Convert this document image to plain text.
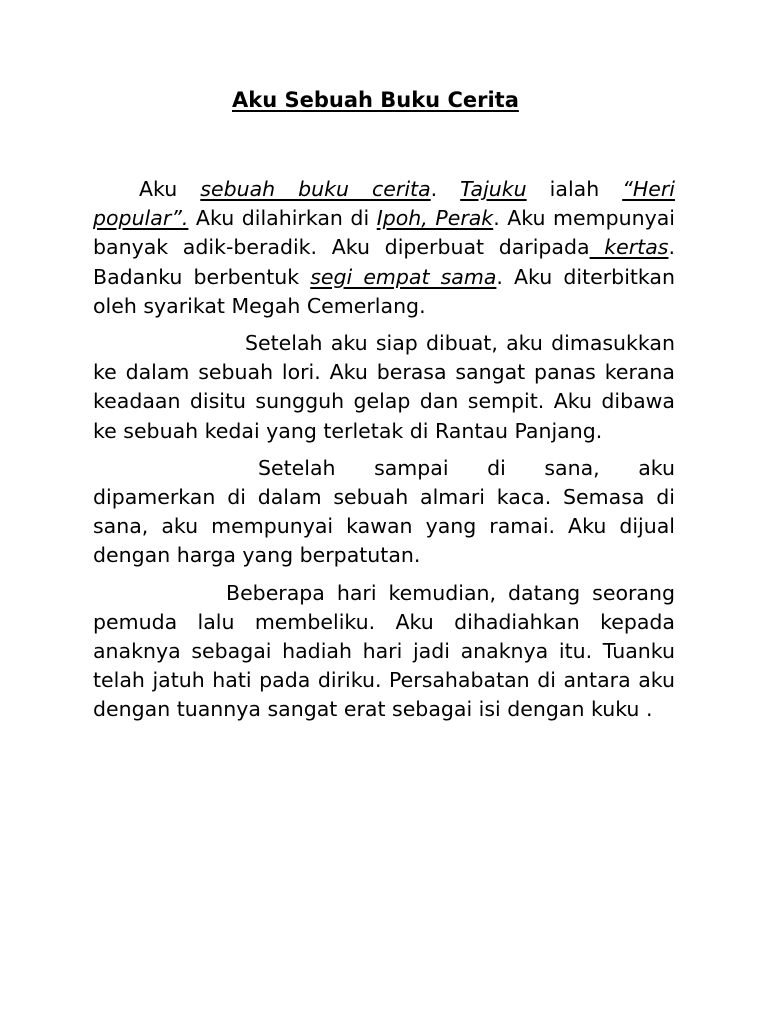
Aku Sebuah Buku Cerita

Aku sebuah buku cerita. Tajuku ialah “Heri popular”. Aku dilahirkan di Ipoh, Perak. Aku mempunyai banyak adik-beradik. Aku diperbuat daripada kertas. Badanku berbentuk segi empat sama. Aku diterbitkan oleh syarikat Megah Cemerlang.

Setelah aku siap dibuat, aku dimasukkan ke dalam sebuah lori. Aku berasa sangat panas kerana keadaan disitu sungguh gelap dan sempit. Aku dibawa ke sebuah kedai yang terletak di Rantau Panjang.

Setelah sampai di sana, aku dipamerkan di dalam sebuah almari kaca. Semasa di sana, aku mempunyai kawan yang ramai. Aku dijual dengan harga yang berpatutan.

Beberapa hari kemudian, datang seorang pemuda lalu membeliku. Aku dihadiahkan kepada anaknya sebagai hadiah hari jadi anaknya itu. Tuanku telah jatuh hati pada diriku. Persahabatan di antara aku dengan tuannya sangat erat sebagai isi dengan kuku .
